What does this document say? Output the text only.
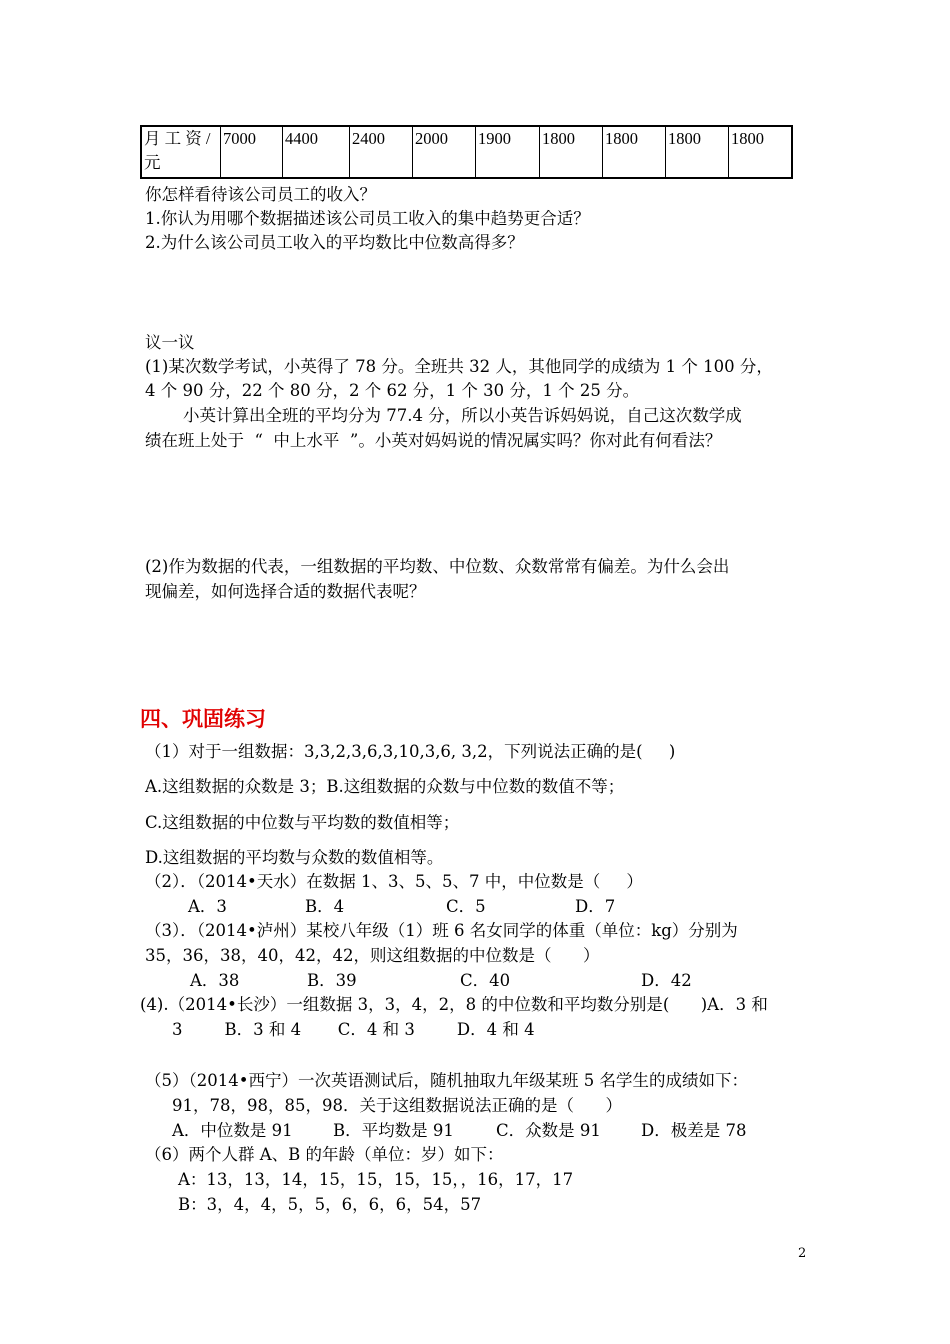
月 工 资 /元	7000	4400	2400	2000	1900	1800	1800	1800	1800
你怎样看待该公司员工的收入？
1.你认为用哪个数据描述该公司员工收入的集中趋势更合适？
2.为什么该公司员工收入的平均数比中位数高得多？
议一议
(1)某次数学考试，小英得了 78 分。全班共 32 人，其他同学的成绩为 1 个 100 分，
4 个 90 分，22 个 80 分，2 个 62 分，1 个 30 分，1 个 25 分。
小英计算出全班的平均分为 77.4 分，所以小英告诉妈妈说，自己这次数学成
绩在班上处于  “  中上水平  ”。小英对妈妈说的情况属实吗？你对此有何看法？
(2)作为数据的代表，一组数据的平均数、中位数、众数常常有偏差。为什么会出
现偏差，如何选择合适的数据代表呢？
四、巩固练习
（1）对于一组数据：3,3,2,3,6,3,10,3,6, 3,2，下列说法正确的是(     )
A.这组数据的众数是 3；B.这组数据的众数与中位数的数值不等；
C.这组数据的中位数与平均数的数值相等；
D.这组数据的平均数与众数的数值相等。
（2）．（2014•天水）在数据 1、3、5、5、7 中，中位数是（     ）
A．3	B．4	C．5	D．7
（3）．（2014•泸州）某校八年级（1）班 6 名女同学的体重（单位：kg）分别为
35，36，38，40，42，42，则这组数据的中位数是（      ）
A．38	B．39	C．40	D．42
(4).（2014•长沙）一组数据 3，3，4，2，8 的中位数和平均数分别是(      )A．3 和
3        B．3 和 4       C．4 和 3        D．4 和 4
（5）（2014•西宁）一次英语测试后，随机抽取九年级某班 5 名学生的成绩如下：
91，78，98，85，98．关于这组数据说法正确的是（      ）
A．中位数是 91 B．平均数是 91	C．众数是 91 D．极差是 78
（6）两个人群 A、B 的年龄（单位：岁）如下：
A：13，13，14，15，15，15，15，，16，17，17
B：3，4，4，5，5，6，6，6，54，57
2
